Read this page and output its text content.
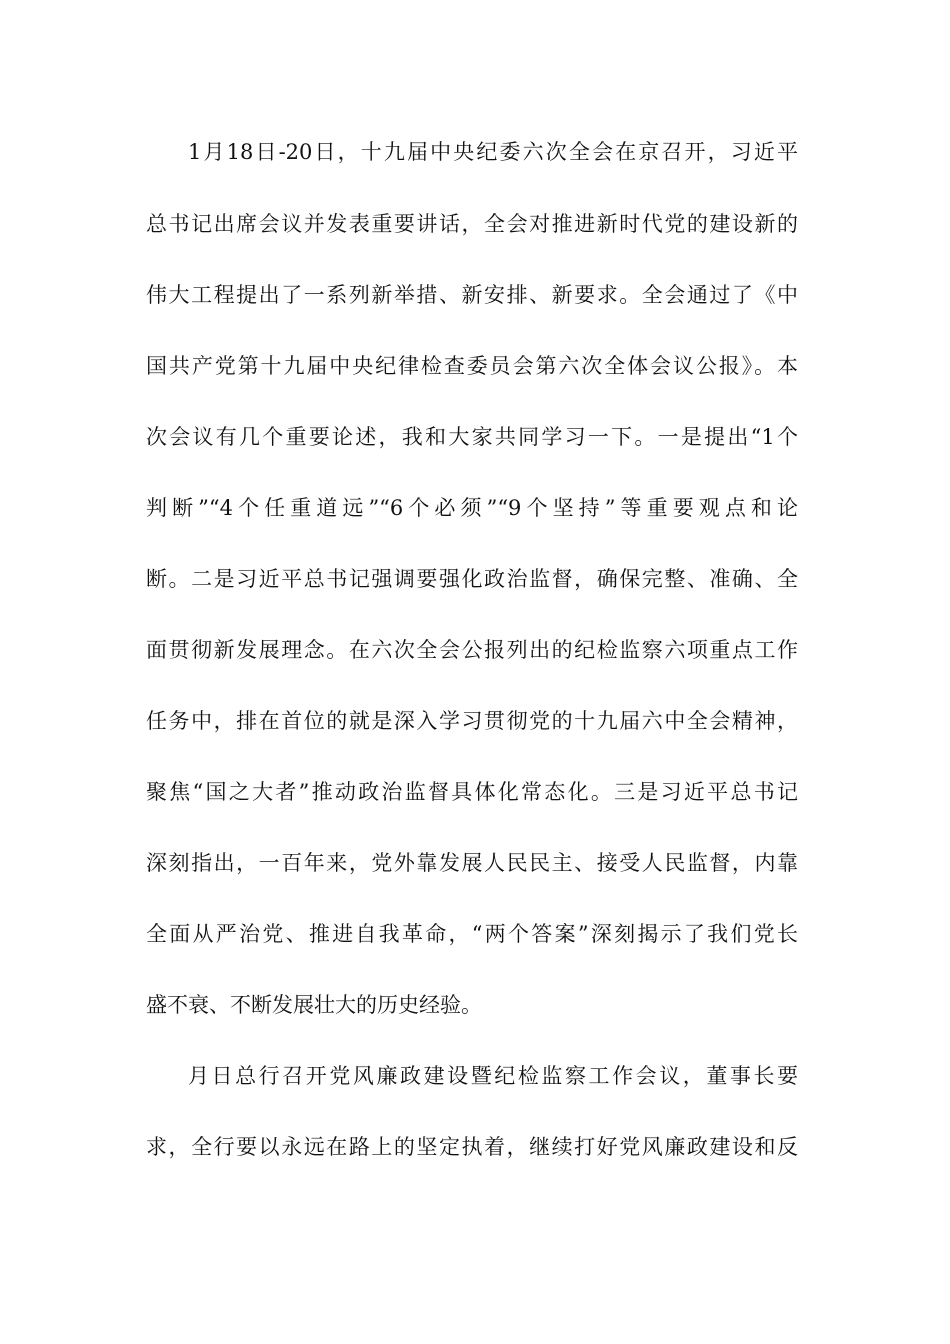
1月18日-20日，十九届中央纪委六次全会在京召开，习近平
总书记出席会议并发表重要讲话，全会对推进新时代党的建设新的
伟大工程提出了一系列新举措、新安排、新要求。全会通过了《中
国共产党第十九届中央纪律检查委员会第六次全体会议公报》。本
次会议有几个重要论述，我和大家共同学习一下。一是提出“1个
判断”“4个任重道远”“6个必须”“9个坚持”等重要观点和论
断。二是习近平总书记强调要强化政治监督，确保完整、准确、全
面贯彻新发展理念。在六次全会公报列出的纪检监察六项重点工作
任务中，排在首位的就是深入学习贯彻党的十九届六中全会精神，
聚焦“国之大者”推动政治监督具体化常态化。三是习近平总书记
深刻指出，一百年来，党外靠发展人民民主、接受人民监督，内靠
全面从严治党、推进自我革命，“两个答案”深刻揭示了我们党长
盛不衰、不断发展壮大的历史经验。
月日总行召开党风廉政建设暨纪检监察工作会议，董事长要
求，全行要以永远在路上的坚定执着，继续打好党风廉政建设和反
